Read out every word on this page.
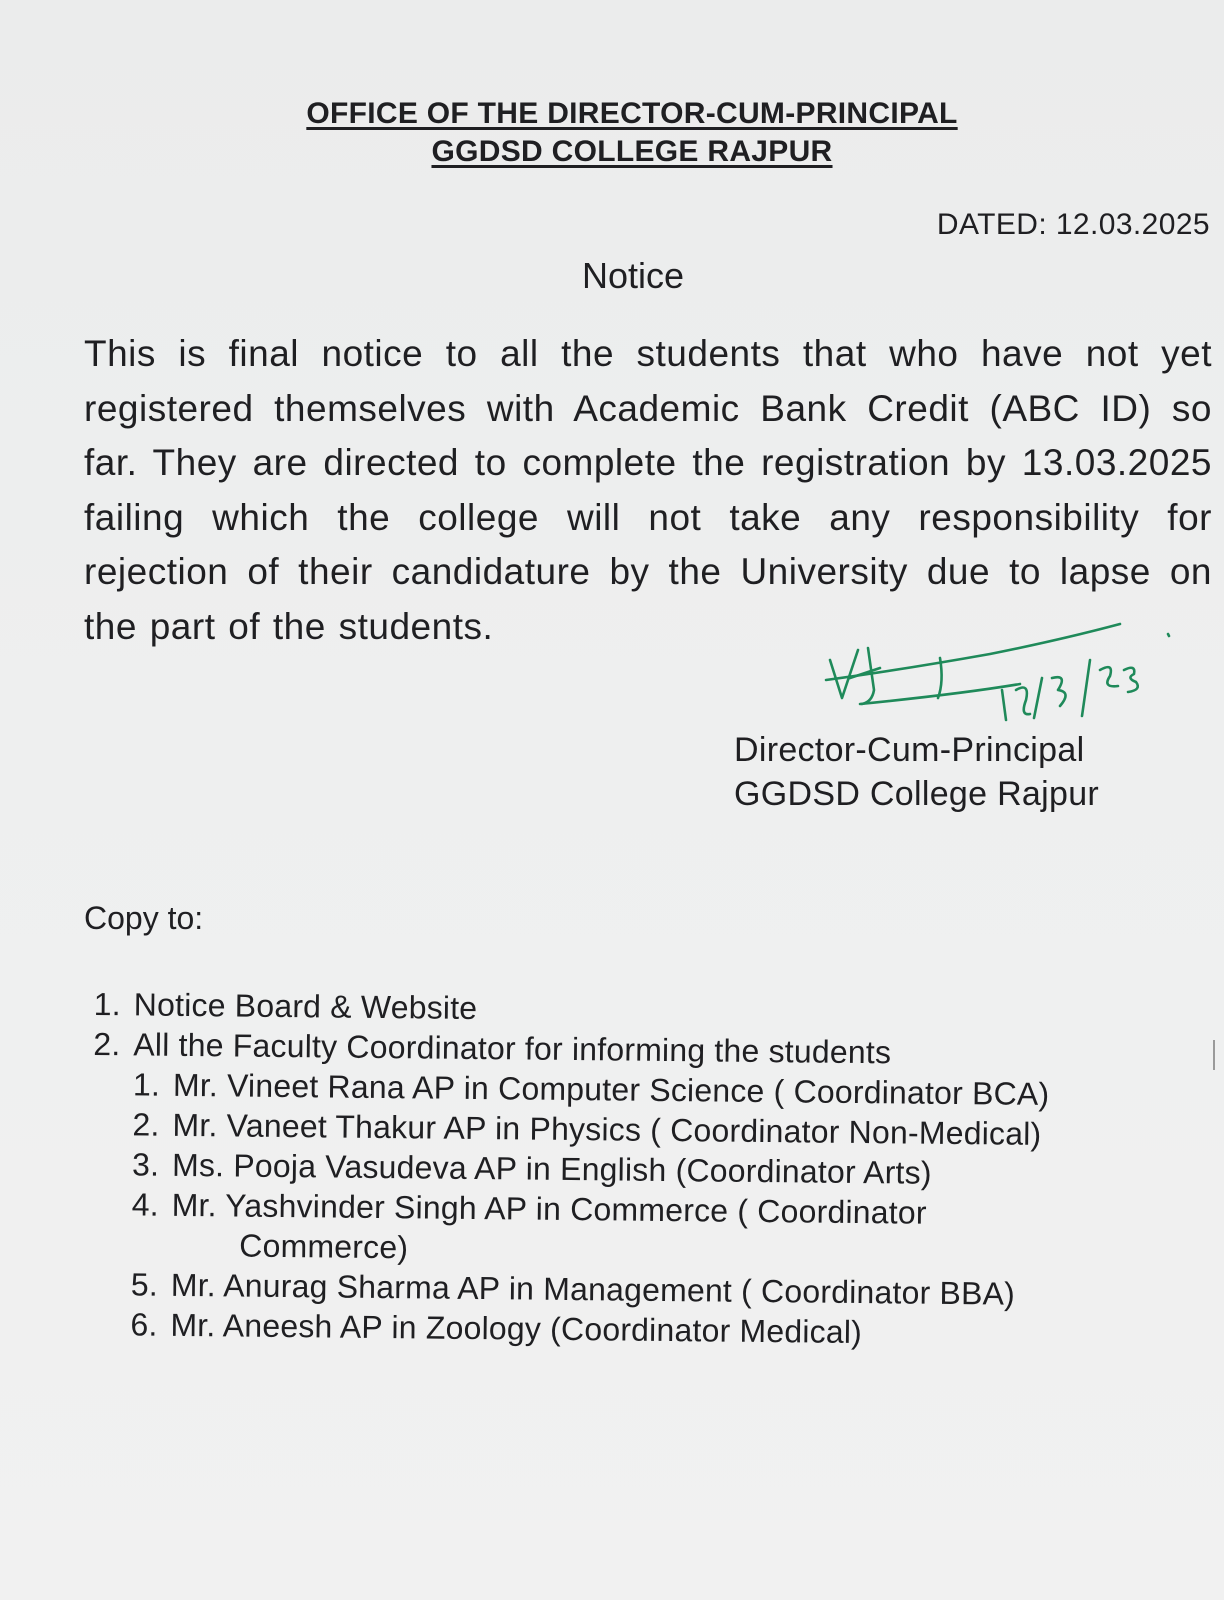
OFFICE OF THE DIRECTOR-CUM-PRINCIPAL
GGDSD COLLEGE RAJPUR
DATED: 12.03.2025
Notice
This is final notice to all the students that who have not yet registered themselves with Academic Bank Credit (ABC ID) so far. They are directed to complete the registration by 13.03.2025 failing which the college will not take any responsibility for rejection of their candidature by the University due to lapse on the part of the students.
Director-Cum-Principal
GGDSD College Rajpur
Copy to:
1. Notice Board & Website
2. All the Faculty Coordinator for informing the students
1. Mr. Vineet Rana AP in Computer Science ( Coordinator BCA)
2. Mr. Vaneet Thakur AP in Physics ( Coordinator Non-Medical)
3. Ms. Pooja Vasudeva AP in English (Coordinator Arts)
4. Mr. Yashvinder Singh AP in Commerce ( Coordinator
Commerce)
5. Mr. Anurag Sharma AP in Management ( Coordinator BBA)
6. Mr. Aneesh AP in Zoology (Coordinator Medical)
